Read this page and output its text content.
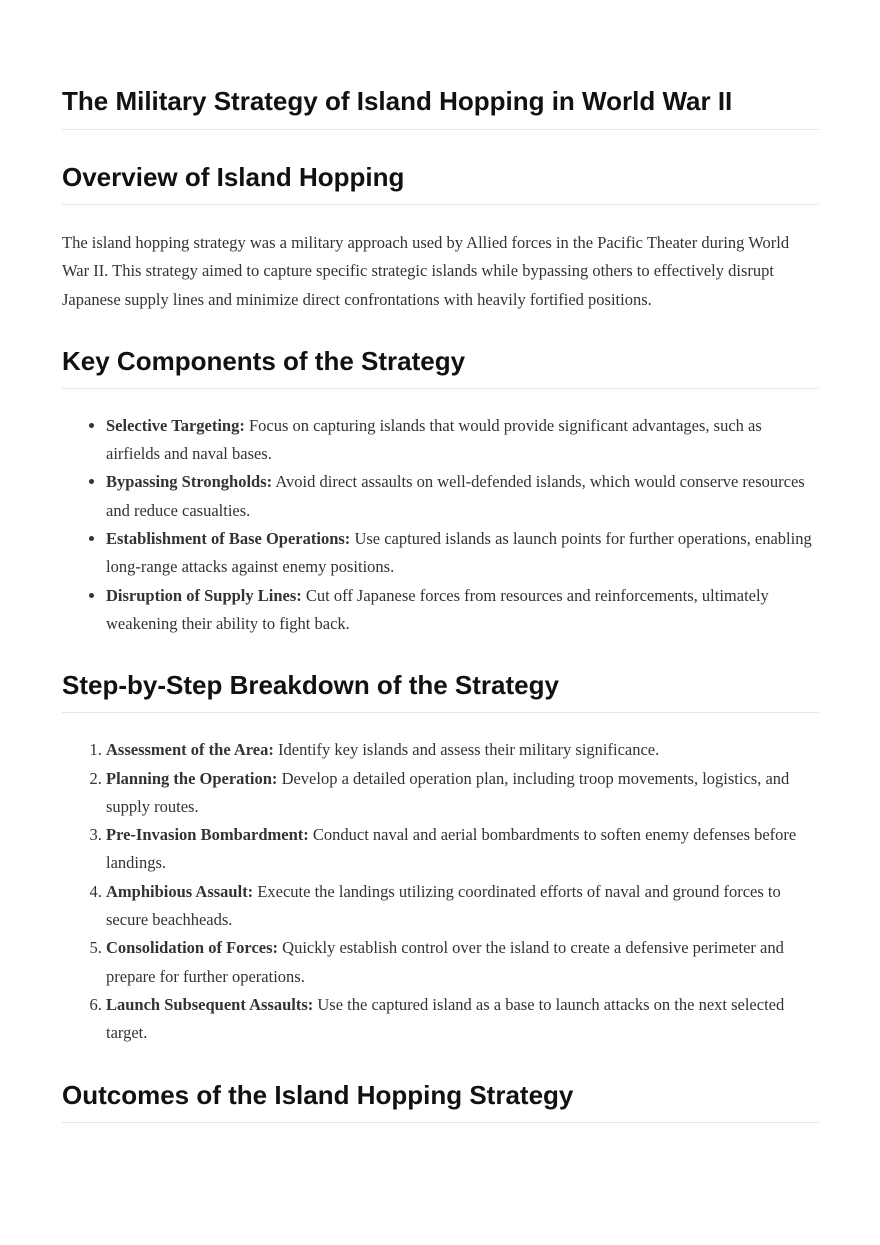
The Military Strategy of Island Hopping in World War II
Overview of Island Hopping

The island hopping strategy was a military approach used by Allied forces in the Pacific Theater during World War II. This strategy aimed to capture specific strategic islands while bypassing others to effectively disrupt Japanese supply lines and minimize direct confrontations with heavily fortified positions.

Key Components of the Strategy
• Selective Targeting: Focus on capturing islands that would provide significant advantages, such as airfields and naval bases.
• Bypassing Strongholds: Avoid direct assaults on well-defended islands, which would conserve resources and reduce casualties.
• Establishment of Base Operations: Use captured islands as launch points for further operations, enabling long-range attacks against enemy positions.
• Disruption of Supply Lines: Cut off Japanese forces from resources and reinforcements, ultimately weakening their ability to fight back.
Step-by-Step Breakdown of the Strategy
1. Assessment of the Area: Identify key islands and assess their military significance.
2. Planning the Operation: Develop a detailed operation plan, including troop movements, logistics, and supply routes.
3. Pre-Invasion Bombardment: Conduct naval and aerial bombardments to soften enemy defenses before landings.
4. Amphibious Assault: Execute the landings utilizing coordinated efforts of naval and ground forces to secure beachheads.
5. Consolidation of Forces: Quickly establish control over the island to create a defensive perimeter and prepare for further operations.
6. Launch Subsequent Assaults: Use the captured island as a base to launch attacks on the next selected target.
Outcomes of the Island Hopping Strategy
